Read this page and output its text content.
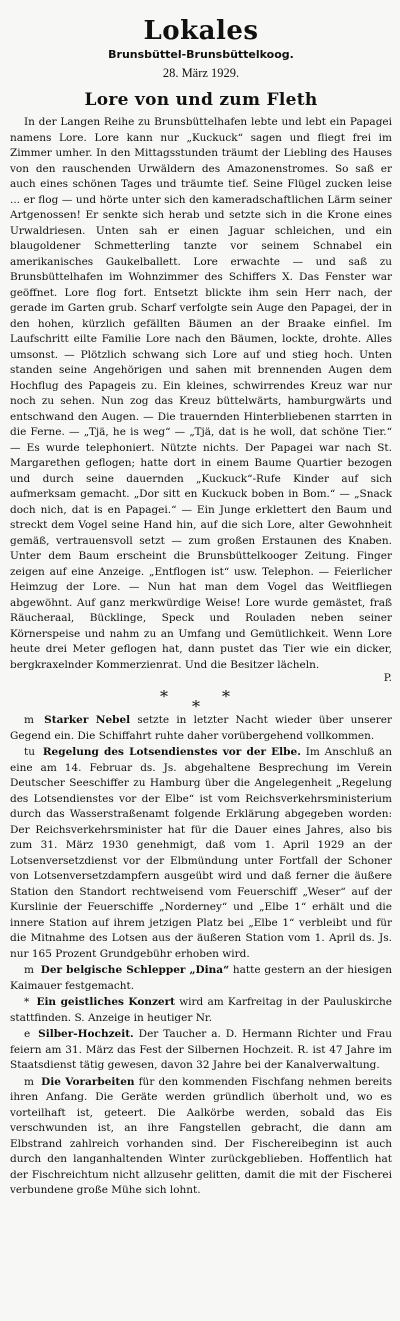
Lokales
Brunsbüttel-Brunsbüttelkoog.
28. März 1929.
Lore von und zum Fleth

In der Langen Reihe zu Brunsbüttelhafen lebte und lebt ein Papagei namens Lore. Lore kann nur „Kuckuck“ sagen und fliegt frei im Zimmer umher. In den Mittagsstunden träumt der Liebling des Hauses von den rauschenden Urwäldern des Amazonenstromes. So saß er auch eines schönen Tages und träumte tief. Seine Flügel zucken leise ... er flog — und hörte unter sich den kameradschaftlichen Lärm seiner Artgenossen! Er senkte sich herab und setzte sich in die Krone eines Urwaldriesen. Unten sah er einen Jaguar schleichen, und ein blaugoldener Schmetterling tanzte vor seinem Schnabel ein amerikanisches Gaukelballett. Lore erwachte — und saß zu Brunsbüttelhafen im Wohnzimmer des Schiffers X. Das Fenster war geöffnet. Lore flog fort. Entsetzt blickte ihm sein Herr nach, der gerade im Garten grub. Scharf verfolgte sein Auge den Papagei, der in den hohen, kürzlich gefällten Bäumen an der Braake einfiel. Im Laufschritt eilte Familie Lore nach den Bäumen, lockte, drohte. Alles umsonst. — Plötzlich schwang sich Lore auf und stieg hoch. Unten standen seine Angehörigen und sahen mit brennenden Augen dem Hochflug des Papageis zu. Ein kleines, schwirrendes Kreuz war nur noch zu sehen. Nun zog das Kreuz büttelwärts, hamburgwärts und entschwand den Augen. — Die trauernden Hinterbliebenen starrten in die Ferne. — „Tjä, he is weg“ — „Tjä, dat is he woll, dat schöne Tier.“ — Es wurde telephoniert. Nützte nichts. Der Papagei war nach St. Margarethen geflogen; hatte dort in einem Baume Quartier bezogen und durch seine dauernden „Kuckuck“-Rufe Kinder auf sich aufmerksam gemacht. „Dor sitt en Kuckuck boben in Bom.“ — „Snack doch nich, dat is en Papagei.“ — Ein Junge erklettert den Baum und streckt dem Vogel seine Hand hin, auf die sich Lore, alter Gewohnheit gemäß, vertrauensvoll setzt — zum großen Erstaunen des Knaben. Unter dem Baum erscheint die Brunsbüttelkooger Zeitung. Finger zeigen auf eine Anzeige. „Entflogen ist“ usw. Telephon. — Feierlicher Heimzug der Lore. — Nun hat man dem Vogel das Weitfliegen abgewöhnt. Auf ganz merkwürdige Weise! Lore wurde gemästet, fraß Räucheraal, Bücklinge, Speck und Rouladen neben seiner Körnerspeise und nahm zu an Umfang und Gemütlichkeit. Wenn Lore heute drei Meter geflogen hat, dann pustet das Tier wie ein dicker, bergkraxelnder Kommerzienrat. Und die Besitzer lächeln.

P.
*
*
*

m Starker Nebel setzte in letzter Nacht wieder über unserer Gegend ein. Die Schiffahrt ruhte daher vorübergehend vollkommen.

tu Regelung des Lotsendienstes vor der Elbe. Im Anschluß an eine am 14. Februar ds. Js. abgehaltene Besprechung im Verein Deutscher Seeschiffer zu Hamburg über die Angelegenheit „Regelung des Lotsendienstes vor der Elbe“ ist vom Reichsverkehrsministerium durch das Wasserstraßenamt folgende Erklärung abgegeben worden: Der Reichsverkehrsminister hat für die Dauer eines Jahres, also bis zum 31. März 1930 genehmigt, daß vom 1. April 1929 an der Lotsenversetzdienst vor der Elbmündung unter Fortfall der Schoner von Lotsenversetzdampfern ausgeübt wird und daß ferner die äußere Station den Standort rechtweisend vom Feuerschiff „Weser“ auf der Kurslinie der Feuerschiffe „Norderney“ und „Elbe 1“ erhält und die innere Station auf ihrem jetzigen Platz bei „Elbe 1“ verbleibt und für die Mitnahme des Lotsen aus der äußeren Station vom 1. April ds. Js. nur 165 Prozent Grundgebühr erhoben wird.

m Der belgische Schlepper „Dina“ hatte gestern an der hiesigen Kaimauer festgemacht.

* Ein geistliches Konzert wird am Karfreitag in der Pauluskirche stattfinden. S. Anzeige in heutiger Nr.

e Silber-Hochzeit. Der Taucher a. D. Hermann Richter und Frau feiern am 31. März das Fest der Silbernen Hochzeit. R. ist 47 Jahre im Staatsdienst tätig gewesen, davon 32 Jahre bei der Kanalverwaltung.

m Die Vorarbeiten für den kommenden Fischfang nehmen bereits ihren Anfang. Die Geräte werden gründlich überholt und, wo es vorteilhaft ist, geteert. Die Aalkörbe werden, sobald das Eis verschwunden ist, an ihre Fangstellen gebracht, die dann am Elbstrand zahlreich vorhanden sind. Der Fischereibeginn ist auch durch den langanhaltenden Winter zurückgeblieben. Hoffentlich hat der Fischreichtum nicht allzusehr gelitten, damit die mit der Fischerei verbundene große Mühe sich lohnt.
